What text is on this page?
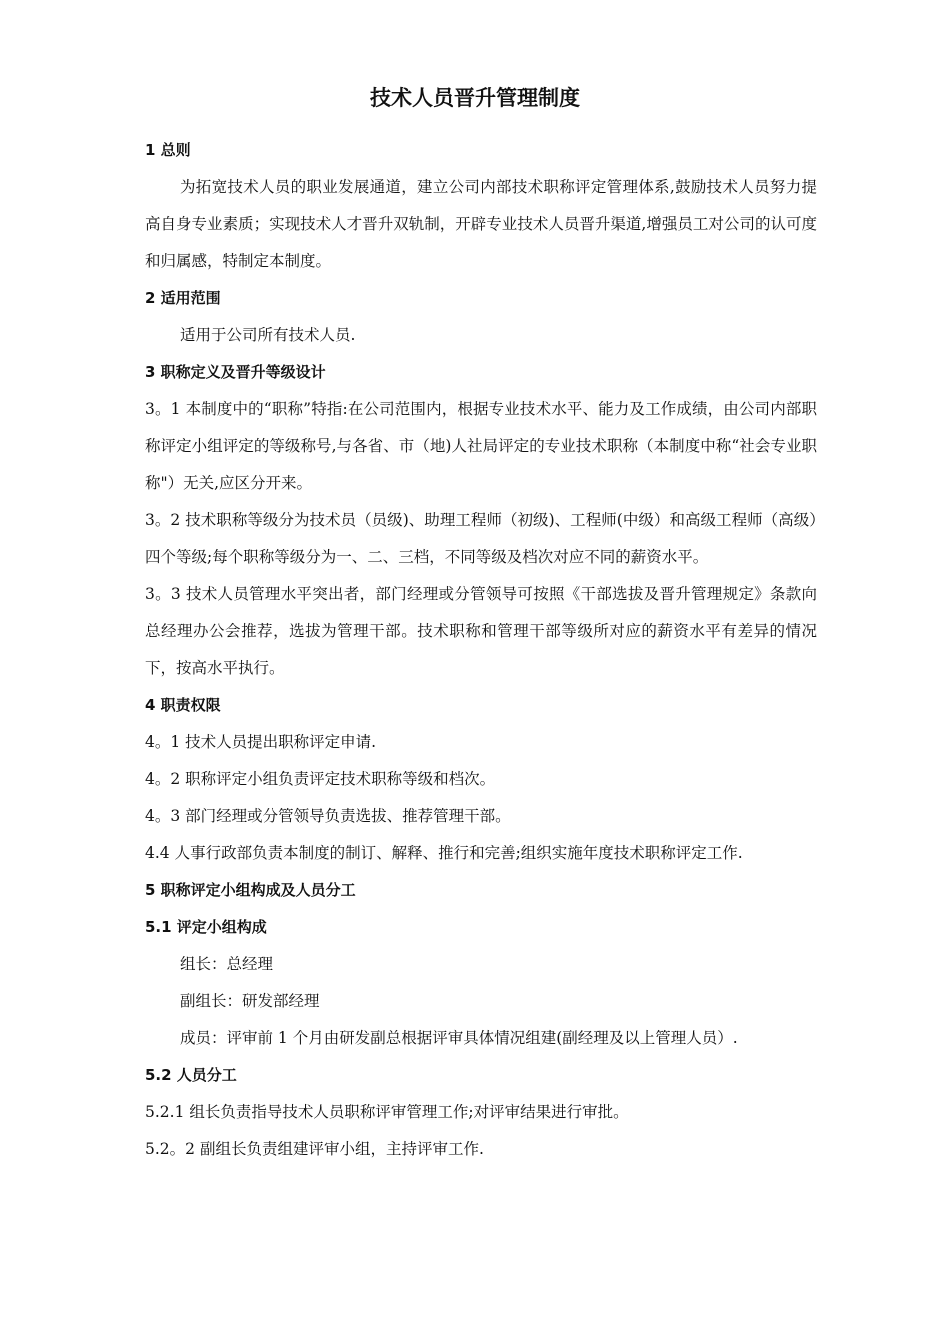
技术人员晋升管理制度

1 总则

为拓宽技术人员的职业发展通道，建立公司内部技术职称评定管理体系,鼓励技术人员努力提高自身专业素质；实现技术人才晋升双轨制，开辟专业技术人员晋升渠道,增强员工对公司的认可度和归属感，特制定本制度。

2 适用范围

适用于公司所有技术人员.

3 职称定义及晋升等级设计

3。1 本制度中的“职称”特指:在公司范围内，根据专业技术水平、能力及工作成绩，由公司内部职称评定小组评定的等级称号,与各省、市（地)人社局评定的专业技术职称（本制度中称“社会专业职称"）无关,应区分开来。

3。2 技术职称等级分为技术员（员级)、助理工程师（初级)、工程师(中级）和高级工程师（高级）四个等级;每个职称等级分为一、二、三档，不同等级及档次对应不同的薪资水平。

3。3 技术人员管理水平突出者，部门经理或分管领导可按照《干部选拔及晋升管理规定》条款向总经理办公会推荐，选拔为管理干部。技术职称和管理干部等级所对应的薪资水平有差异的情况下，按高水平执行。

4 职责权限

4。1 技术人员提出职称评定申请.

4。2 职称评定小组负责评定技术职称等级和档次。

4。3 部门经理或分管领导负责选拔、推荐管理干部。

4.4 人事行政部负责本制度的制订、解释、推行和完善;组织实施年度技术职称评定工作.

5 职称评定小组构成及人员分工

5.1 评定小组构成

组长：总经理

副组长：研发部经理

成员：评审前 1 个月由研发副总根据评审具体情况组建(副经理及以上管理人员）.

5.2 人员分工

5.2.1 组长负责指导技术人员职称评审管理工作;对评审结果进行审批。

5.2。2 副组长负责组建评审小组，主持评审工作.
